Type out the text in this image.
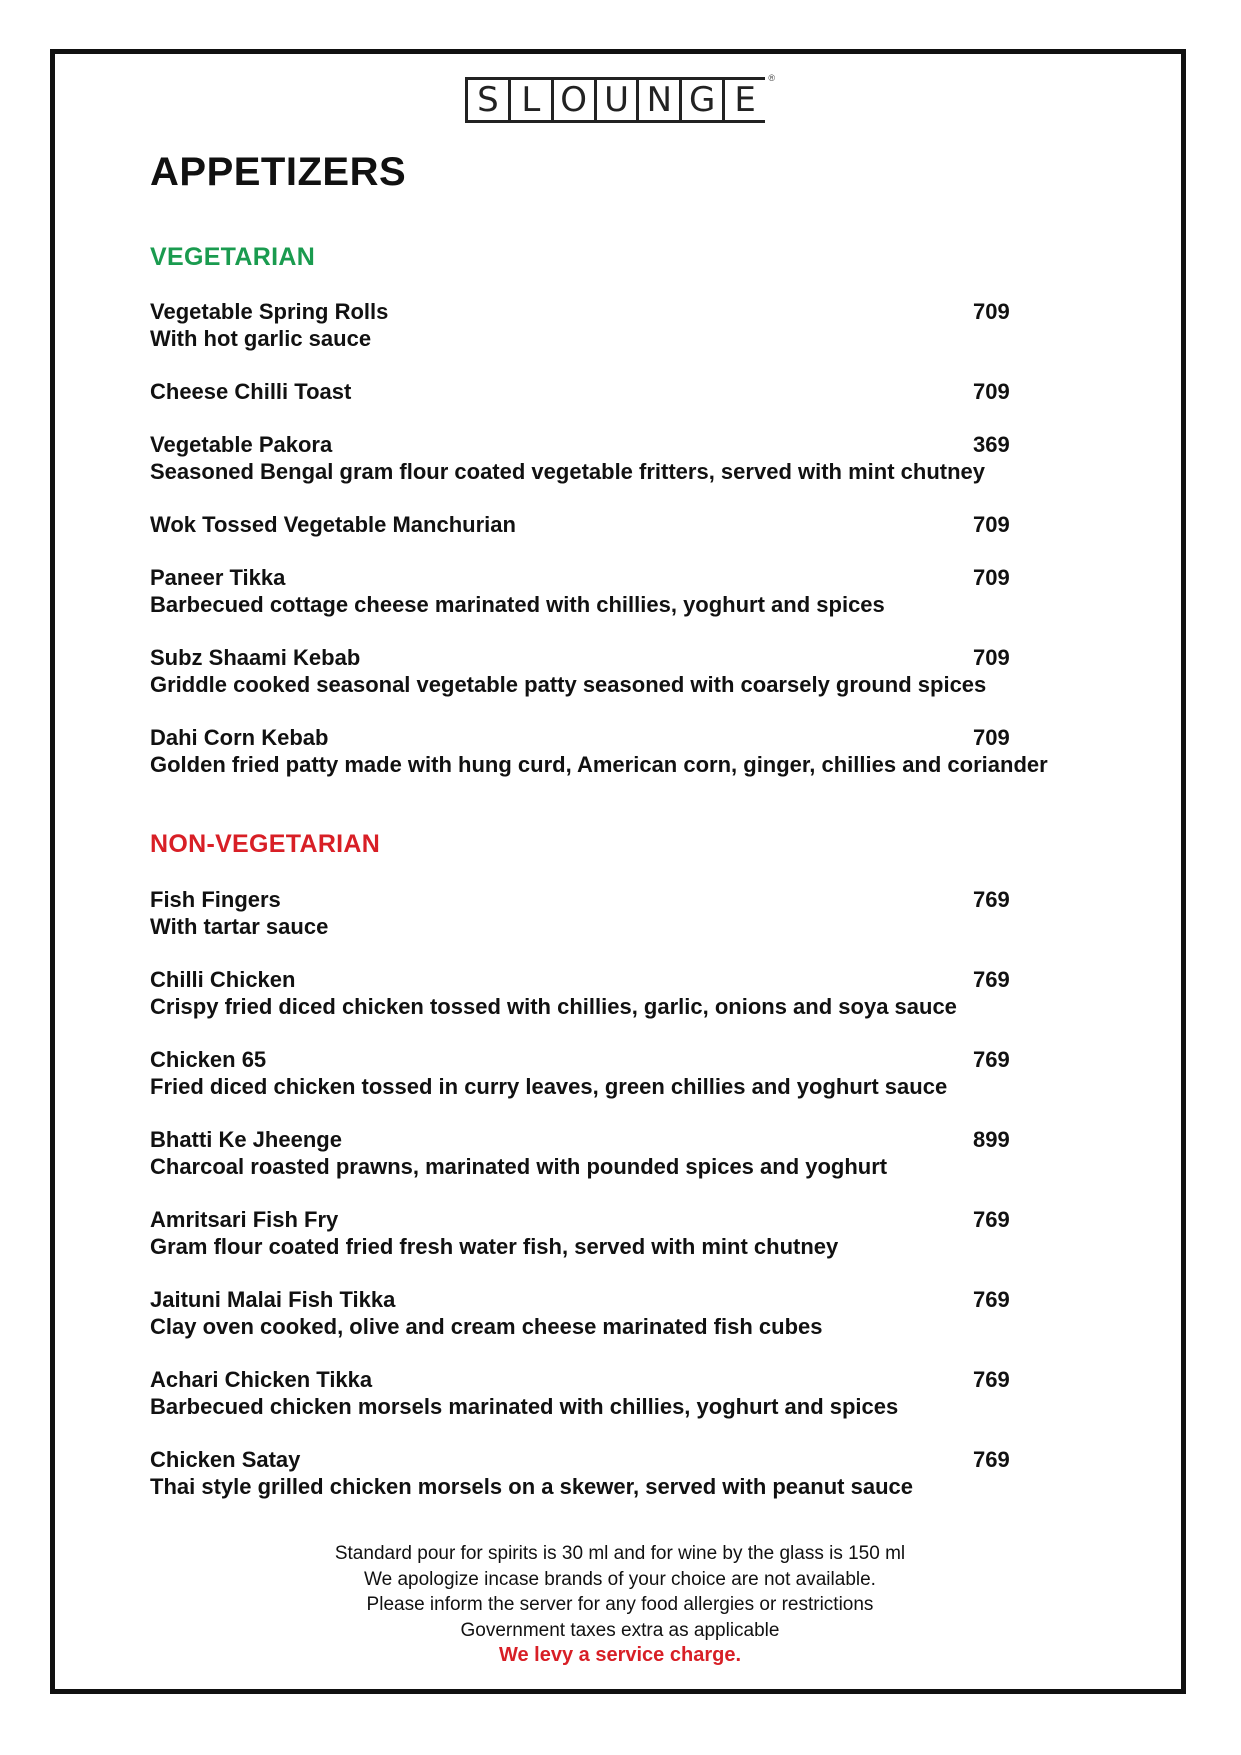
S L O U N G E
®
APPETIZERS
VEGETARIAN
Vegetable Spring Rolls	709
With hot garlic sauce
Cheese Chilli Toast	709
Vegetable Pakora	369
Seasoned Bengal gram flour coated vegetable fritters, served with mint chutney
Wok Tossed Vegetable Manchurian	709
Paneer Tikka	709
Barbecued cottage cheese marinated with chillies, yoghurt and spices
Subz Shaami Kebab	709
Griddle cooked seasonal vegetable patty seasoned with coarsely ground spices
Dahi Corn Kebab	709
Golden fried patty made with hung curd, American corn, ginger, chillies and coriander
NON-VEGETARIAN
Fish Fingers	769
With tartar sauce
Chilli Chicken	769
Crispy fried diced chicken tossed with chillies, garlic, onions and soya sauce
Chicken 65	769
Fried diced chicken tossed in curry leaves, green chillies and yoghurt sauce
Bhatti Ke Jheenge	899
Charcoal roasted prawns, marinated with pounded spices and yoghurt
Amritsari Fish Fry	769
Gram flour coated fried fresh water fish, served with mint chutney
Jaituni Malai Fish Tikka	769
Clay oven cooked, olive and cream cheese marinated fish cubes
Achari Chicken Tikka	769
Barbecued chicken morsels marinated with chillies, yoghurt and spices
Chicken Satay	769
Thai style grilled chicken morsels on a skewer, served with peanut sauce
Standard pour for spirits is 30 ml and for wine by the glass is 150 ml
We apologize incase brands of your choice are not available.
Please inform the server for any food allergies or restrictions
Government taxes extra as applicable
We levy a service charge.
